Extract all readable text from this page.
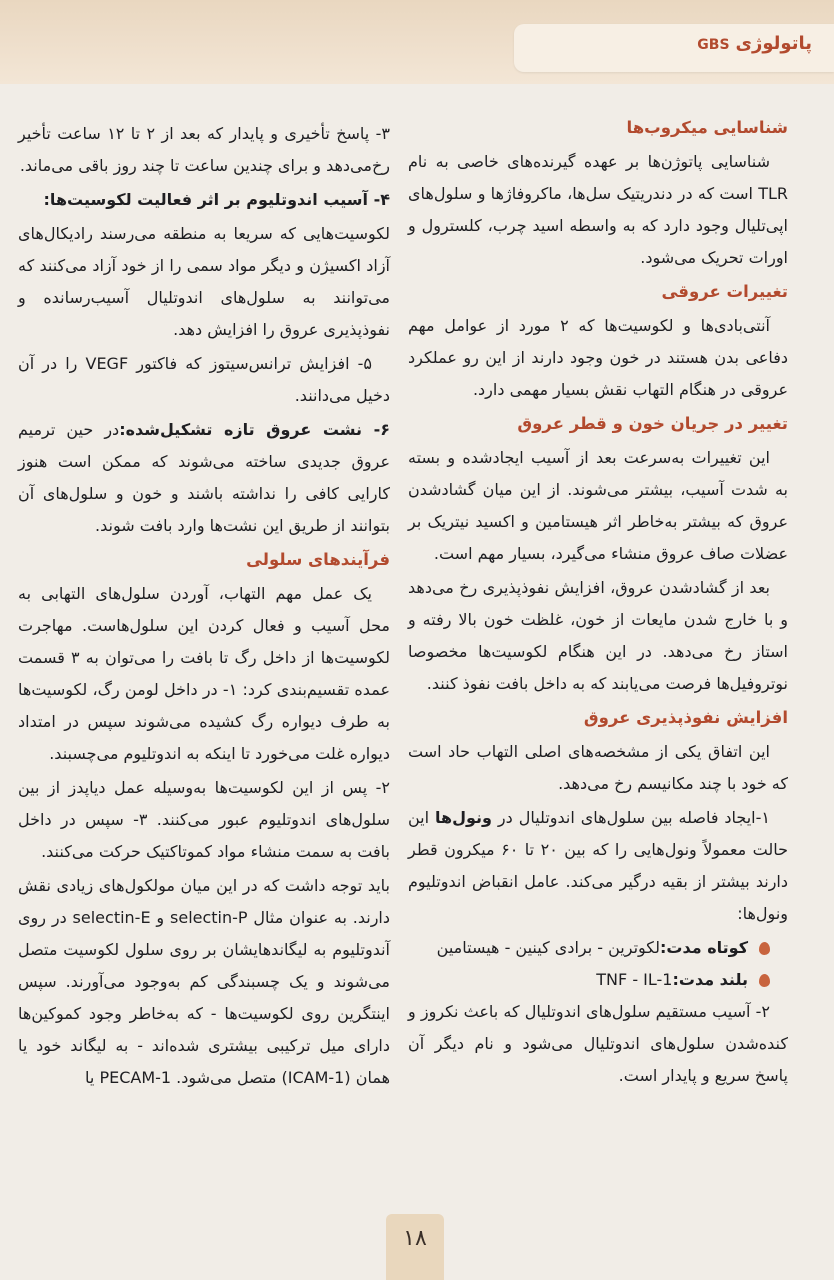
GBS پاتولوژی
شناسایی میکروب‌ها

شناسایی پاتوژن‌ها بر عهده گیرنده‌های خاصی به نام TLR است که در دندریتیک سل‌ها، ماکروفاژها و سلول‌های اپی‌تلیال وجود دارد که به واسطه اسید چرب، کلسترول و اورات تحریک می‌شود.

تغییرات عروقی

آنتی‌بادی‌ها و لکوسیت‌ها که ۲ مورد از عوامل مهم دفاعی بدن هستند در خون وجود دارند از این رو عملکرد عروقی در هنگام التهاب نقش بسیار مهمی دارد.

تغییر در جریان خون و قطر عروق

این تغییرات به‌سرعت بعد از آسیب ایجادشده و بسته به شدت آسیب، بیشتر می‌شوند. از این میان گشادشدن عروق که بیشتر به‌خاطر اثر هیستامین و اکسید نیتریک بر عضلات صاف عروق منشاء می‌گیرد، بسیار مهم است.

بعد از گشادشدن عروق، افزایش نفوذپذیری رخ می‌دهد و با خارج شدن مایعات از خون، غلظت خون بالا رفته و استاز رخ می‌دهد. در این هنگام لکوسیت‌ها مخصوصا نوتروفیل‌ها فرصت می‌یابند که به داخل بافت نفوذ کنند.

افزایش نفوذپذیری عروق

این اتفاق یکی از مشخصه‌های اصلی التهاب حاد است که خود با چند مکانیسم رخ می‌دهد.

۱-ایجاد فاصله بین سلول‌های اندوتلیال در ونول‌ها این حالت معمولاً ونول‌هایی را که بین ۲۰ تا ۶۰ میکرون قطر دارند بیشتر از بقیه درگیر می‌کند. عامل انقباض اندوتلیوم ونول‌ها:

کوتاه مدت:لکوترین - برادی کینین - هیستامین
بلند مدت:TNF - IL-1

۲- آسیب مستقیم سلول‌های اندوتلیال که باعث نکروز و کنده‌شدن سلول‌های اندوتلیال می‌شود و نام دیگر آن پاسخ سریع و پایدار است.

۳- پاسخ تأخیری و پایدار که بعد از ۲ تا ۱۲ ساعت تأخیر رخ‌می‌دهد و برای چندین ساعت تا چند روز باقی می‌ماند.

۴- آسیب اندوتلیوم بر اثر فعالیت لکوسیت‌ها:

لکوسیت‌هایی که سریعا به منطقه می‌رسند رادیکال‌های آزاد اکسیژن و دیگر مواد سمی را از خود آزاد می‌کنند که می‌توانند به سلول‌های اندوتلیال آسیب‌رسانده و نفوذپذیری عروق را افزایش دهد.

۵- افزایش ترانس‌سیتوز که فاکتور VEGF را در آن دخیل می‌دانند.

۶- نشت عروق تازه تشکیل‌شده:در حین ترمیم عروق جدیدی ساخته می‌شوند که ممکن است هنوز کارایی کافی را نداشته باشند و خون و سلول‌های آن بتوانند از طریق این نشت‌ها وارد بافت شوند.

فرآیندهای سلولی

یک عمل مهم التهاب، آوردن سلول‌های التهابی به محل آسیب و فعال کردن این سلول‌هاست. مهاجرت لکوسیت‌ها از داخل رگ تا بافت را می‌توان به ۳ قسمت عمده تقسیم‌بندی کرد: ۱- در داخل لومن رگ، لکوسیت‌ها به طرف دیواره رگ کشیده می‌شوند سپس در امتداد دیواره غلت می‌خورد تا اینکه به اندوتلیوم می‌چسبند.

۲- پس از این لکوسیت‌ها به‌وسیله عمل دیاپدز از بین سلول‌های اندوتلیوم عبور می‌کنند. ۳- سپس در داخل بافت به سمت منشاء مواد کموتاکتیک حرکت می‌کنند.

باید توجه داشت که در این میان مولکول‌های زیادی نقش دارند. به عنوان مثال selectin-P و selectin-E در روی آندوتلیوم به لیگاندهایشان بر روی سلول لکوسیت متصل می‌شوند و یک چسبندگی کم به‌وجود می‌آورند. سپس اینتگرین روی لکوسیت‌ها - که به‌خاطر وجود کموکین‌ها دارای میل ترکیبی بیشتری شده‌اند - به لیگاند خود یا همان (ICAM-1) متصل می‌شود. PECAM-1 یا

۱۸
